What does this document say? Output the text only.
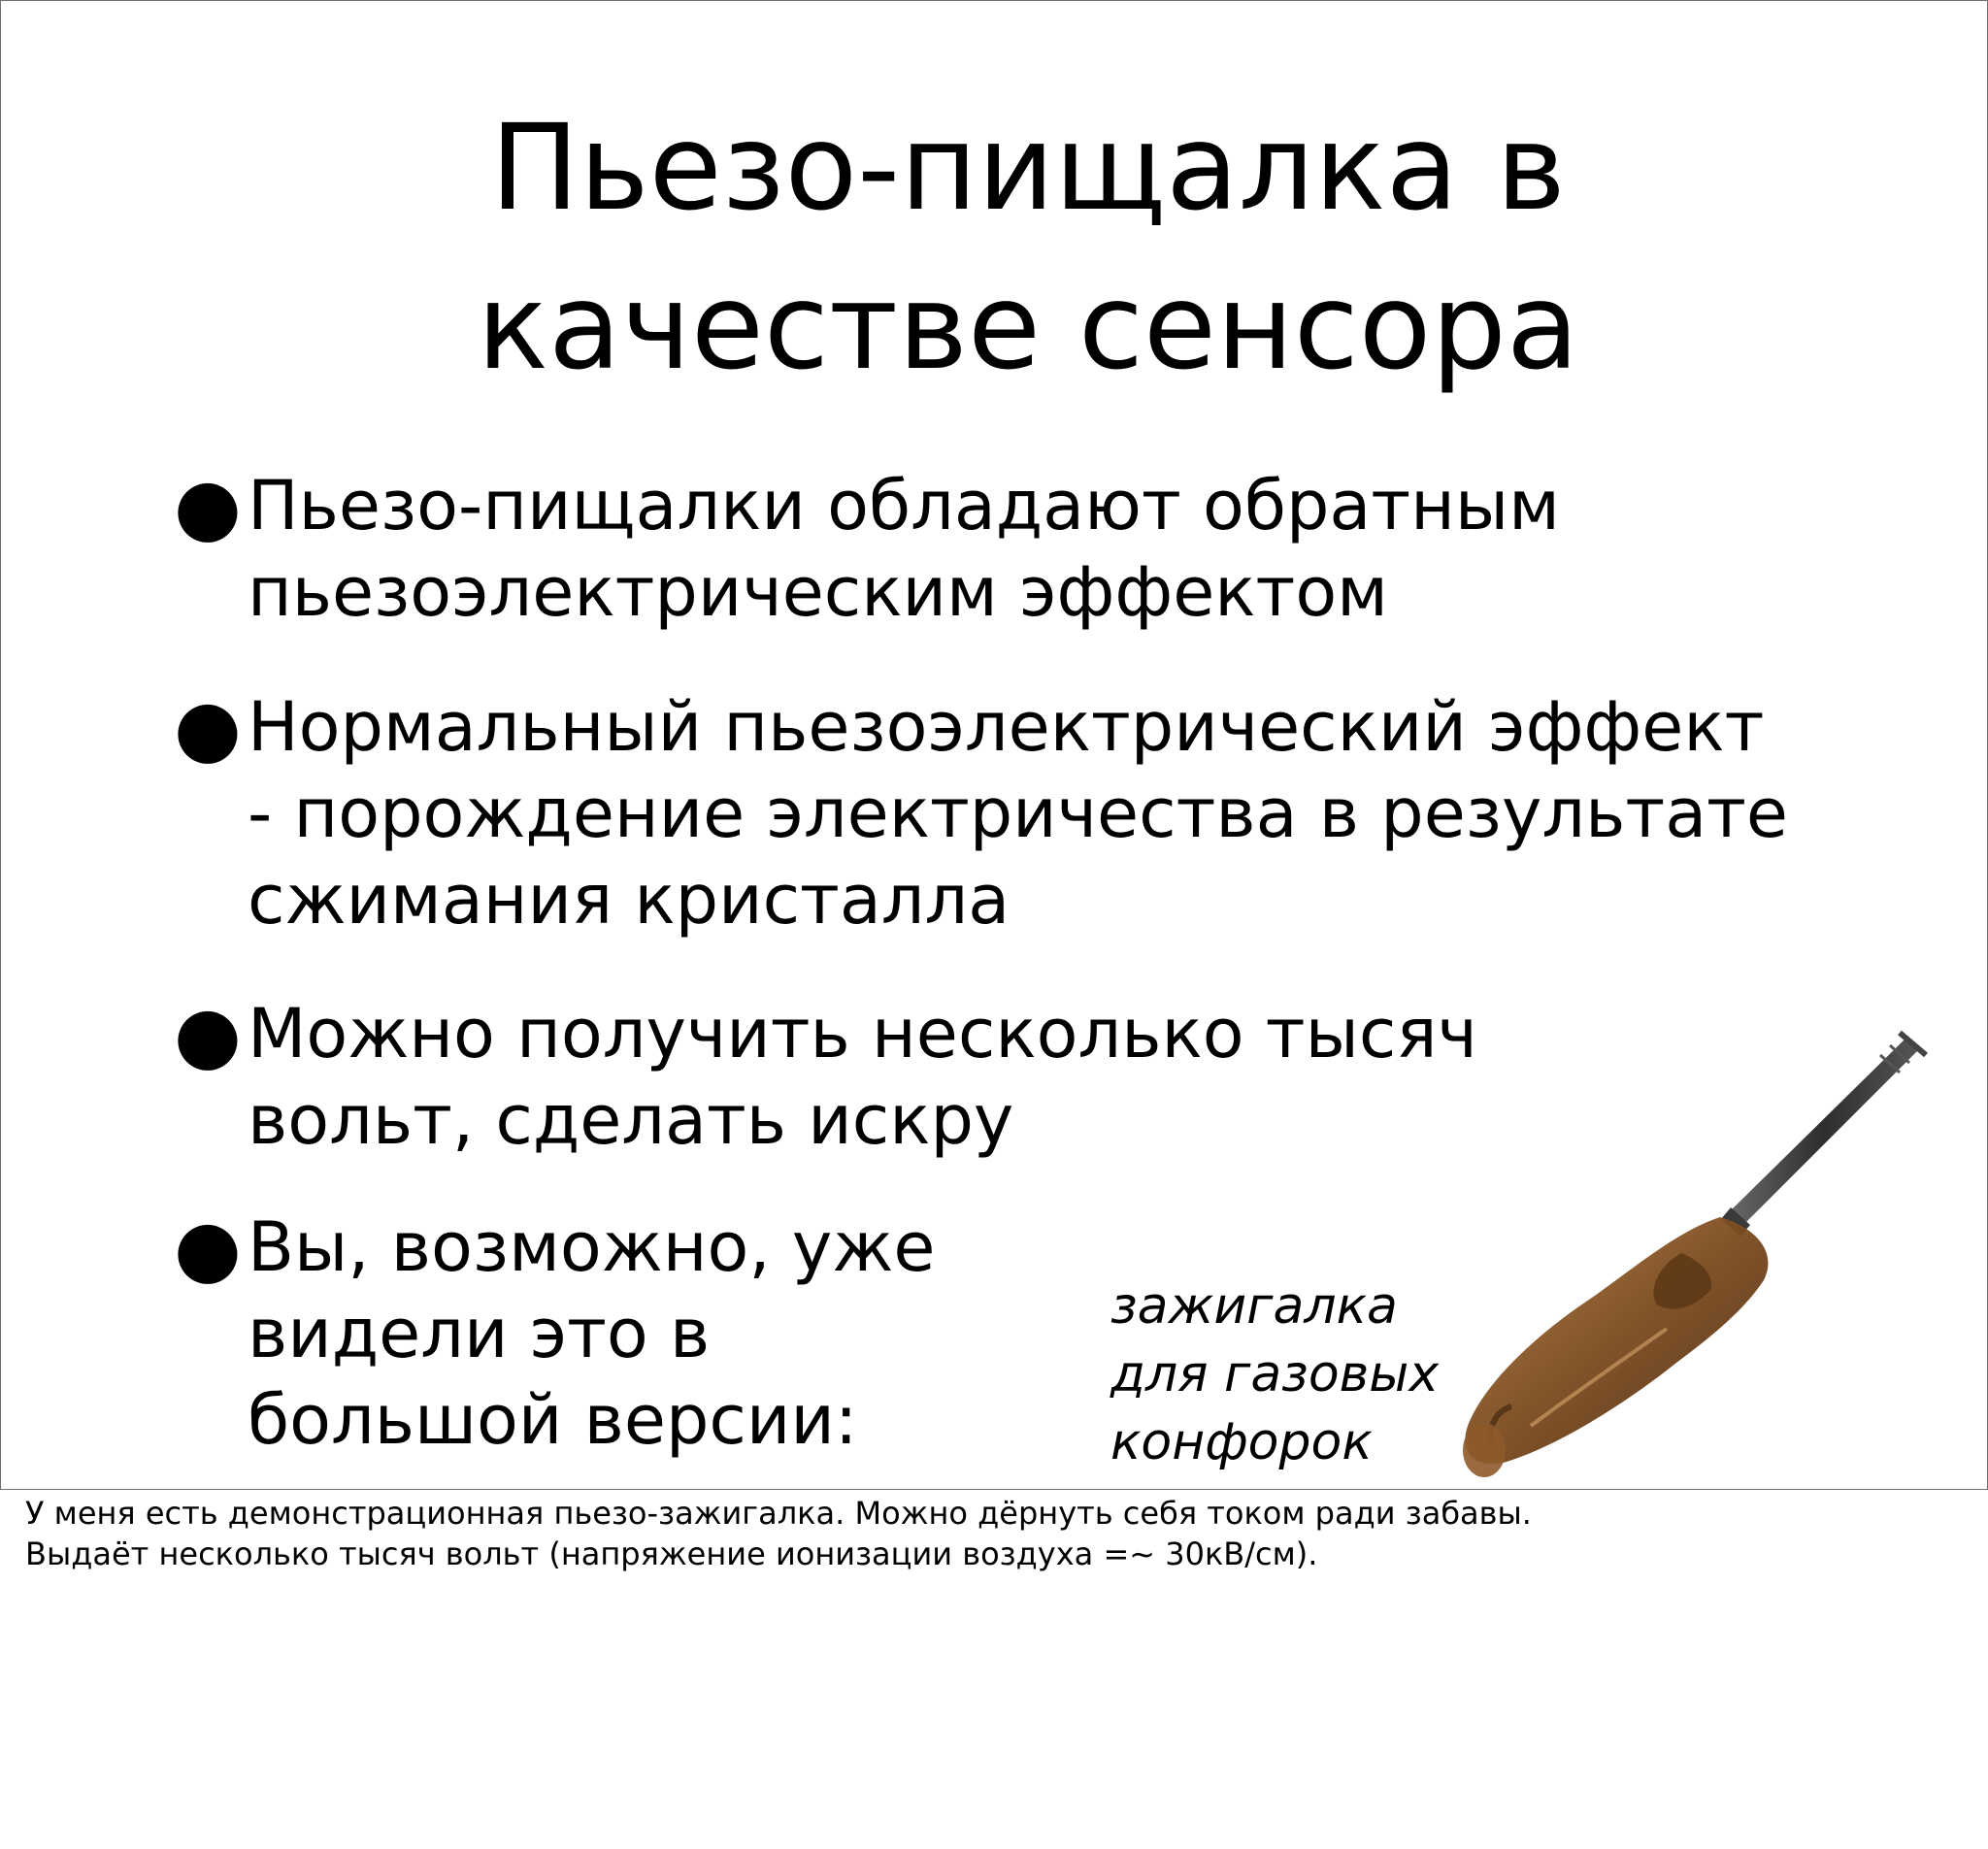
Пьезо-пищалка в
качестве сенсора
● Пьезо-пищалки обладают обратным
пьезоэлектрическим эффектом
● Нормальный пьезоэлектрический эффект
- порождение электричества в результате
сжимания кристалла
● Можно получить несколько тысяч
вольт, сделать искру
● Вы, возможно, уже
видели это в
большой версии:
зажигалка
для газовых
конфорок
У меня есть демонстрационная пьезо-зажигалка. Можно дёрнуть себя током ради забавы.
Выдаёт несколько тысяч вольт (напряжение ионизации воздуха =~ 30кВ/см).
